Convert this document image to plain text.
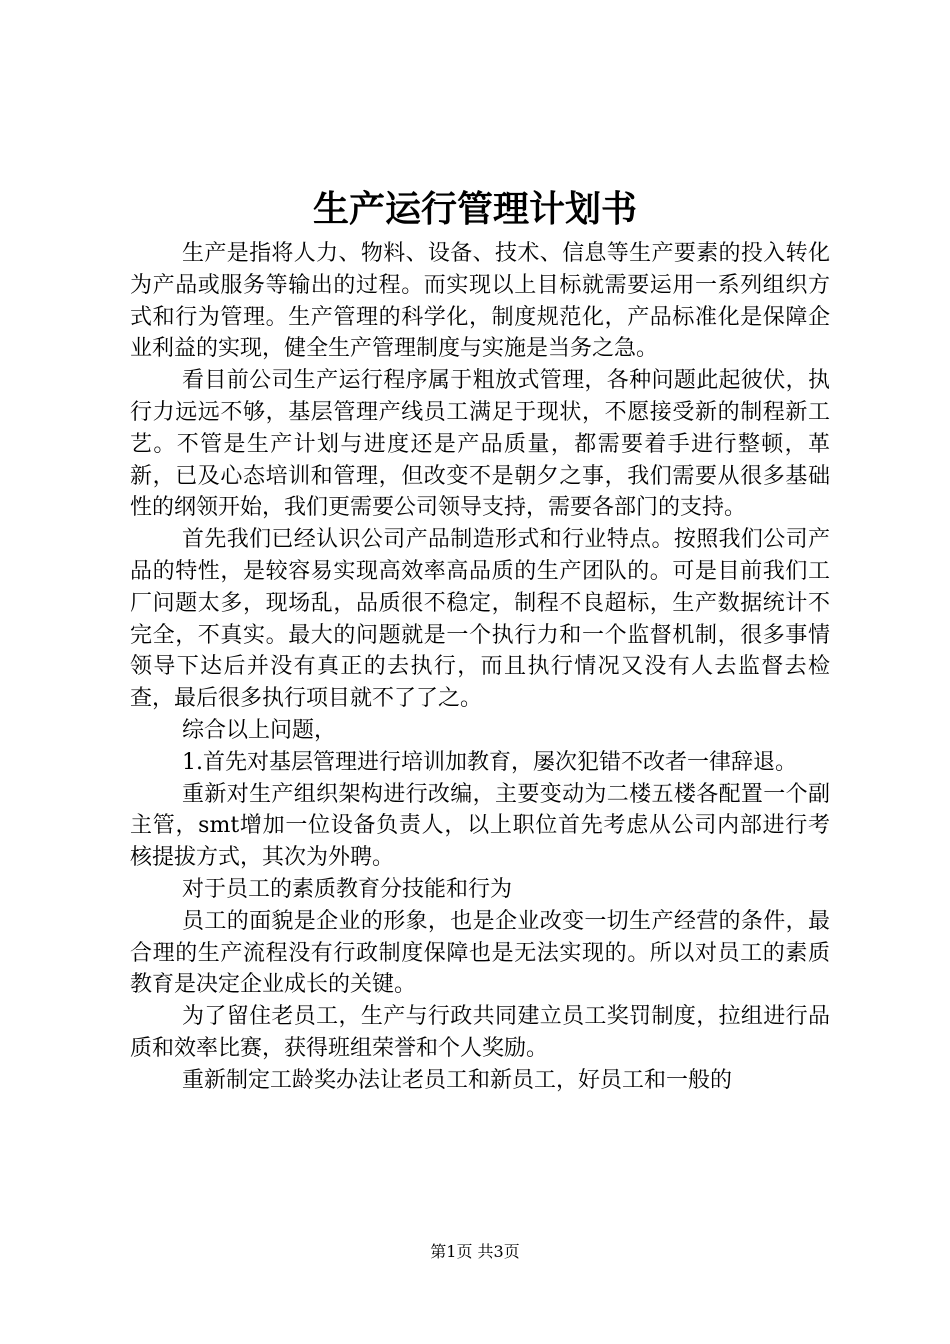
生产运行管理计划书

生产是指将人力、物料、设备、技术、信息等生产要素的投入转化为产品或服务等输出的过程。而实现以上目标就需要运用一系列组织方式和行为管理。生产管理的科学化，制度规范化，产品标准化是保障企业利益的实现，健全生产管理制度与实施是当务之急。

看目前公司生产运行程序属于粗放式管理，各种问题此起彼伏，执行力远远不够，基层管理产线员工满足于现状，不愿接受新的制程新工艺。不管是生产计划与进度还是产品质量，都需要着手进行整顿，革新，已及心态培训和管理，但改变不是朝夕之事，我们需要从很多基础性的纲领开始，我们更需要公司领导支持，需要各部门的支持。

首先我们已经认识公司产品制造形式和行业特点。按照我们公司产品的特性，是较容易实现高效率高品质的生产团队的。可是目前我们工厂问题太多，现场乱，品质很不稳定，制程不良超标，生产数据统计不完全，不真实。最大的问题就是一个执行力和一个监督机制，很多事情领导下达后并没有真正的去执行，而且执行情况又没有人去监督去检查，最后很多执行项目就不了了之。

综合以上问题，

1.首先对基层管理进行培训加教育，屡次犯错不改者一律辞退。

重新对生产组织架构进行改编，主要变动为二楼五楼各配置一个副主管，smt增加一位设备负责人，以上职位首先考虑从公司内部进行考核提拔方式，其次为外聘。

对于员工的素质教育分技能和行为

员工的面貌是企业的形象，也是企业改变一切生产经营的条件，最合理的生产流程没有行政制度保障也是无法实现的。所以对员工的素质教育是决定企业成长的关键。

为了留住老员工，生产与行政共同建立员工奖罚制度，拉组进行品质和效率比赛，获得班组荣誉和个人奖励。

重新制定工龄奖办法让老员工和新员工，好员工和一般的

第1页 共3页
